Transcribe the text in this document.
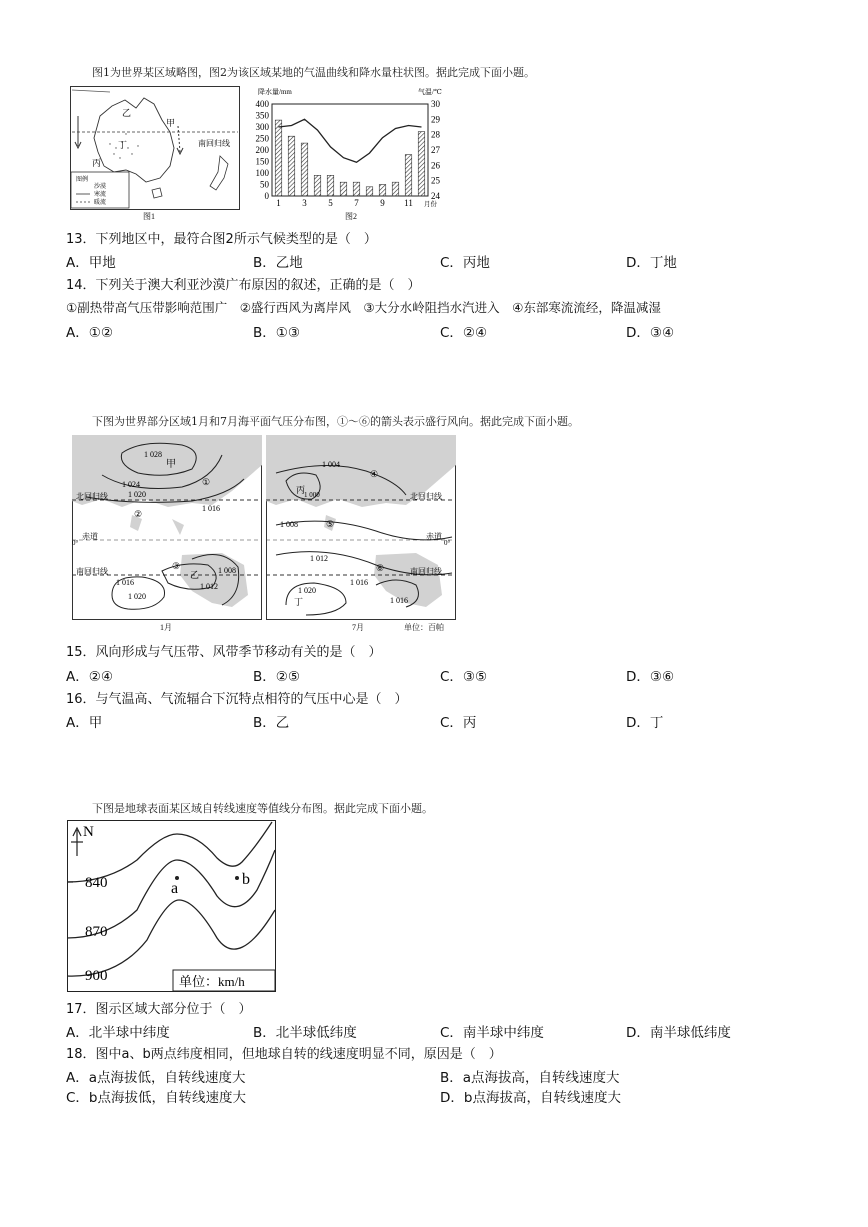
图1为世界某区域略图，图2为该区域某地的气温曲线和降水量柱状图。据此完成下面小题。
乙
甲
丁
丙
南回归线
图例
沙漠
寒流
暖流
图1
400
350
300
250
200
150
100
50
0
30
29
28
27
26
25
24
1 3 5 7 9 11
降水量/mm	气温/℃
月份
图2
13．下列地区中，最符合图2所示气候类型的是（　）
A．甲地	B．乙地	C．丙地	D．丁地
14．下列关于澳大利亚沙漠广布原因的叙述，正确的是（　）
①副热带高气压带影响范围广　②盛行西风为离岸风　③大分水岭阻挡水汽进入　④东部寒流流经，降温减湿
A．①②	B．①③	C．②④	D．③④
下图为世界部分区域1月和7月海平面气压分布图，①～⑥的箭头表示盛行风向。据此完成下面小题。
1 028
甲
1 024
1 020
①
1 016
②
③
乙 1 008
1 012
1 016
1 020
北回归线
赤道
0°
南回归线
1月
1 004
④
丙
1 000
1 008	⑤
1 012
⑥
1 016
1 020
丁	1 016
北回归线
赤道
0°
南回归线
7月	单位：百帕
15．风向形成与气压带、风带季节移动有关的是（　）
A．②④	B．②⑤	C．③⑤	D．③⑥
16．与气温高、气流辐合下沉特点相符的气压中心是（　）
A．甲	B．乙	C．丙	D．丁
下图是地球表面某区域自转线速度等值线分布图。据此完成下面小题。
N
840
870
900
a
b
单位：km/h
17．图示区域大部分位于（　）
A．北半球中纬度	B．北半球低纬度	C．南半球中纬度	D．南半球低纬度
18．图中a、b两点纬度相同，但地球自转的线速度明显不同，原因是（　）
A．a点海拔低，自转线速度大	B．a点海拔高，自转线速度大
C．b点海拔低，自转线速度大	D．b点海拔高，自转线速度大
